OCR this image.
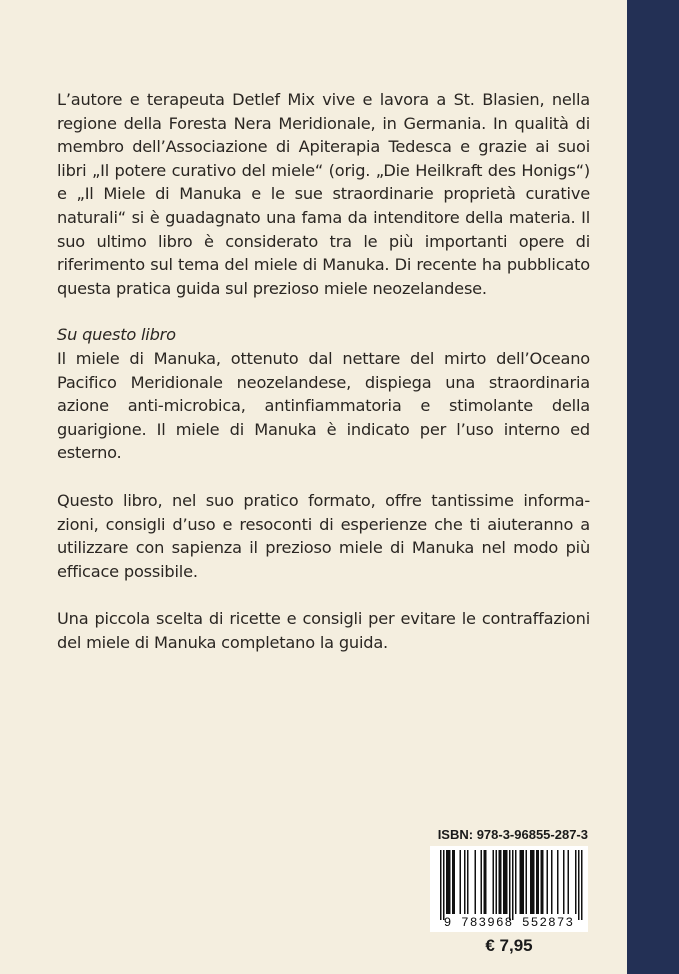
L’autore e terapeuta Detlef Mix vive e lavora a St. Blasien, nella regione della Foresta Nera Meridionale, in Germania. In qualità di membro dell’Associazione di Apiterapia Tedesca e grazie ai suoi libri „Il potere curativo del miele“ (orig. „Die Heilkraft des Honigs“) e „Il Miele di Manuka e le sue straordinarie proprietà curative naturali“ si è guadagnato una fama da intenditore della materia. Il suo ultimo libro è considerato tra le più importanti opere di riferimento sul tema del miele di Manuka. Di recente ha pubblicato questa pratica guida sul prezioso miele neozelandese.

Su questo libro

Il miele di Manuka, ottenuto dal nettare del mirto dell’Oceano Pacifico Meridionale neozelandese, dispiega una straordinaria azione anti-microbica, antinfiammatoria e stimolante della guarigione. Il miele di Manuka è indicato per l’uso interno ed esterno.

Questo libro, nel suo pratico formato, offre tantissime informa-zioni, consigli d’uso e resoconti di esperienze che ti aiuteranno a utilizzare con sapienza il prezioso miele di Manuka nel modo più efficace possibile.

Una piccola scelta di ricette e consigli per evitare le contraffazioni del miele di Manuka completano la guida.

ISBN: 978-3-96855-287-3
9 783968 552873
€ 7,95
